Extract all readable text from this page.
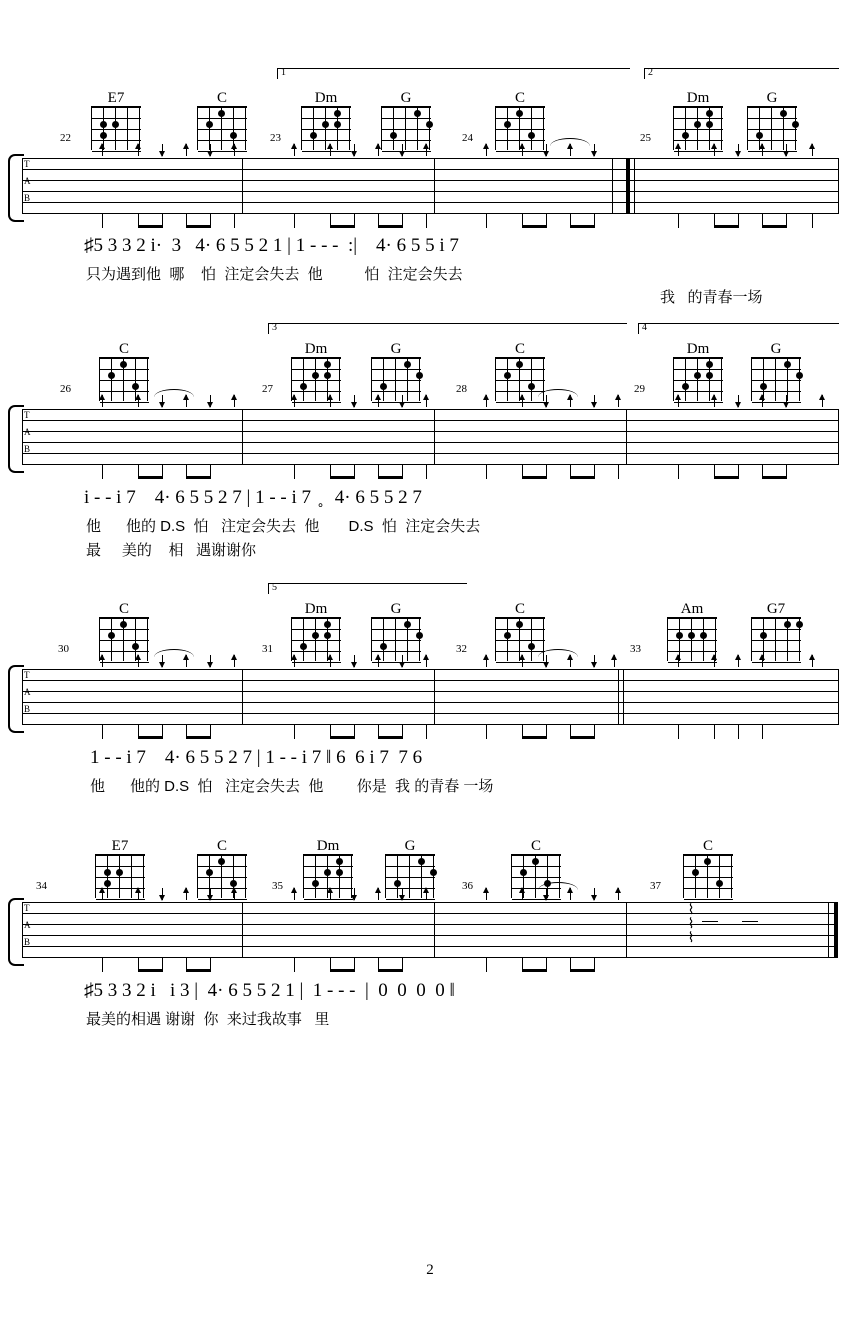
1	2
E7	C	Dm	G	C	Dm	G
22	23	24	25
T
A
B
♯5 3 3 2 i·  3   4· 6 5 5 2 1 | 1 - - -  :|    4· 6 5 5 i 7
只为遇到他  哪    怕  注定会失去  他          怕  注定会失去
我   的青春一场
3	4
C	Dm	G	C	Dm	G
26	27	28	29
T
A
B
i - - i 7    4· 6 5 5 2 7 | 1 - - i 7  ̥   4· 6 5 5 2 7
他      他的 D.S  怕   注定会失去  他       D.S  怕  注定会失去
最     美的    相   遇谢谢你
5
C	Dm	G	C	Am	G7
30	31	32	33
T
A
B
1 - - i 7    4· 6 5 5 2 7 | 1 - - i 7 ‖ 6  6 i 7  7 6
他      他的 D.S  怕   注定会失去  他        你是  我 的青春 一场
E7	C	Dm	G	C	C
34	35	36	37
T
A
B	⌇⌇⌇
♯5 3 3 2 i   i 3 |  4· 6 5 5 2 1 |  1 - - -  |  0  0  0  0 ‖
最美的相遇 谢谢  你  来过我故事   里
2
